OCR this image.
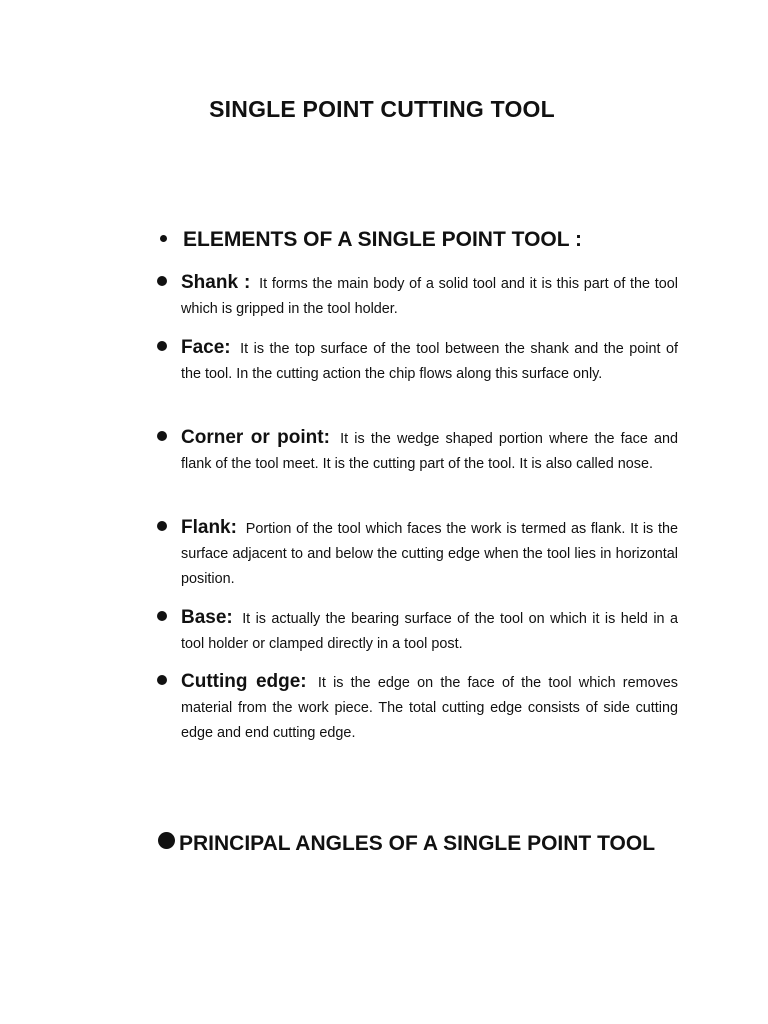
SINGLE POINT CUTTING TOOL
ELEMENTS OF A SINGLE POINT TOOL :
Shank : It forms the main body of a solid tool and it is this part of the tool which is gripped in the tool holder.
Face: It is the top surface of the tool between the shank and the point of the tool. In the cutting action the chip flows along this surface only.
Corner or point: It is the wedge shaped portion where the face and flank of the tool meet. It is the cutting part of the tool. It is also called nose.
Flank: Portion of the tool which faces the work is termed as flank. It is the surface adjacent to and below the cutting edge when the tool lies in horizontal position.
Base: It is actually the bearing surface of the tool on which it is held in a tool holder or clamped directly in a tool post.
Cutting edge: It is the edge on the face of the tool which removes material from the work piece. The total cutting edge consists of side cutting edge and end cutting edge.
PRINCIPAL ANGLES OF A SINGLE POINT TOOL
